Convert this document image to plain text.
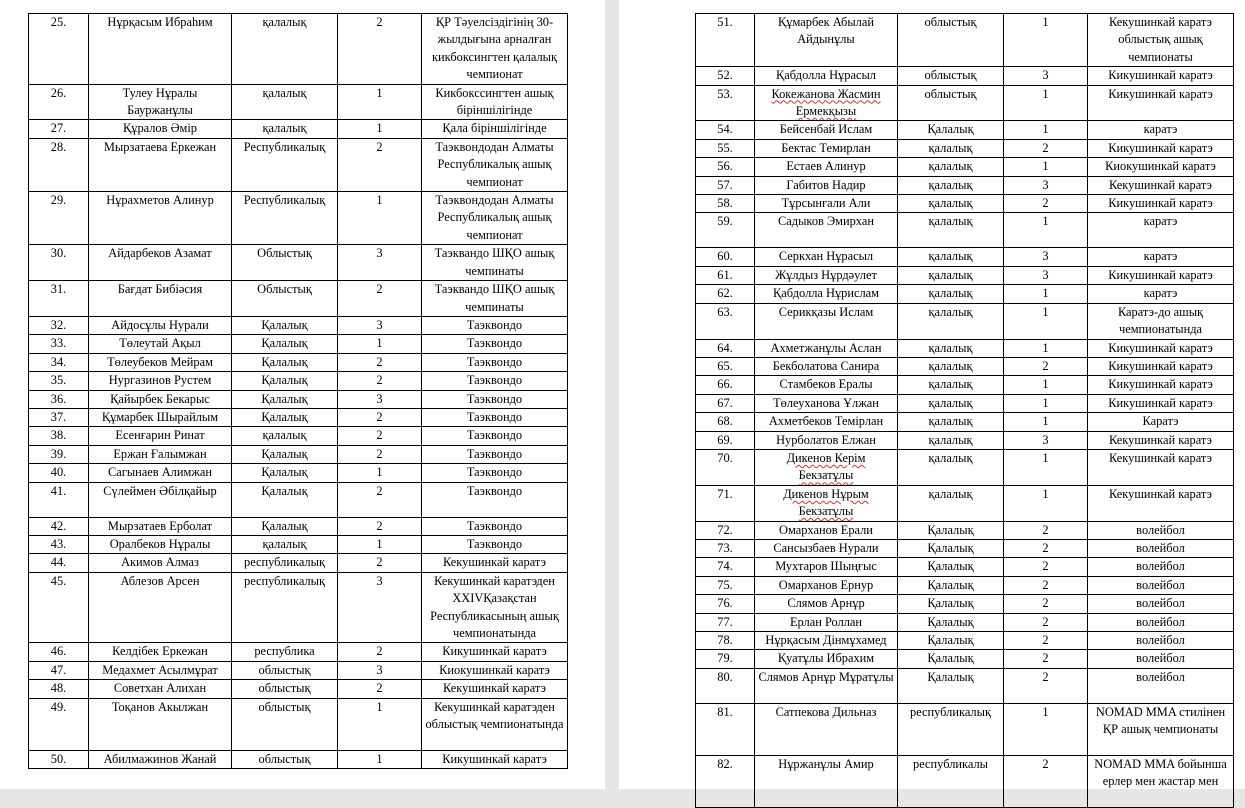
25.	Нұрқасым Ибраһим	қалалық	2	ҚР Тәуелсіздігінің 30-жылдығына арналған кикбоксингтен қалалық чемпионат
26.	Тулеу Нұралы Бауржанұлы	қалалық	1	Кикбокссингтен ашық біріншілігінде
27.	Құралов Әмір	қалалық	1	Қала біріншілігінде
28.	Мырзатаева Еркежан	Республикалық	2	Таэквондодан Алматы Республикалық ашық чемпионат
29.	Нұрахметов Алинур	Республикалық	1	Таэквондодан Алматы Республикалық ашық чемпионат
30.	Айдарбеков Азамат	Облыстық	3	Таэквандо ШҚО ашық чемпинаты
31.	Бағдат Бибіәсия	Облыстық	2	Таэквандо ШҚО ашық чемпинаты
32.	Айдосұлы Нурали	Қалалық	3	Таэквондо
33.	Төлеутай Ақыл	Қалалық	1	Таэквондо
34.	Төлеубеков Мейрам	Қалалық	2	Таэквондо
35.	Нургазинов Рустем	Қалалық	2	Таэквондо
36.	Қайырбек Бекарыс	Қалалық	3	Таэквондо
37.	Құмарбек Шырайлым	Қалалық	2	Таэквондо
38.	Есенғарин Ринат	қалалық	2	Таэквондо
39.	Ержан Ғалымжан	Қалалық	2	Таэквондо
40.	Сагынаев Алимжан	Қалалық	1	Таэквондо
41.	Сүлеймен Әбілқайыр	Қалалық	2	Таэквондо
42.	Мырзатаев Ерболат	Қалалық	2	Таэквондо
43.	Оралбеков Нұралы	қалалық	1	Таэквондо
44.	Акимов Алмаз	республикалық	2	Кекушинкай каратэ
45.	Аблезов Арсен	республикалық	3	Кекушинкай каратэден XXIVҚазақстан Республикасының ашық чемпионатында
46.	Келдібек Еркежан	республика	2	Кикушинкай каратэ
47.	Медахмет Асылмұрат	облыстық	3	Киокушинкай каратэ
48.	Советхан Алихан	облыстық	2	Кекушинкай каратэ
49.	Тоқанов Акылжан	облыстық	1	Кекушинкай каратэден облыстық чемпионатында
50.	Абилмажинов Жанай	облыстық	1	Кикушинкай каратэ
51.	Құмарбек Абылай Айдынұлы	облыстық	1	Кекушинкай каратэ облыстық ашық чемпионаты
52.	Қабдолла Нұрасыл	облыстық	3	Кикушинкай каратэ
53.	Кокежанова Жасмин Ермекқызы	облыстық	1	Кикушинкай каратэ
54.	Бейсенбай Ислам	Қалалық	1	каратэ
55.	Бектас Темирлан	қалалық	2	Кикушинкай каратэ
56.	Естаев Алинур	қалалық	1	Киокушинкай каратэ
57.	Габитов Надир	қалалық	3	Кекушинкай каратэ
58.	Тұрсынғали Али	қалалық	2	Кикушинкай каратэ
59.	Садыков Эмирхан	қалалық	1	каратэ
60.	Серкхан Нұрасыл	қалалық	3	каратэ
61.	Жұлдыз Нұрдәулет	қалалық	3	Кикушинкай каратэ
62.	Қабдолла Нұрислам	қалалық	1	каратэ
63.	Серикқазы Ислам	қалалық	1	Каратэ-до ашық чемпионатында
64.	Ахметжанұлы Аслан	қалалық	1	Кикушинкай каратэ
65.	Бекболатова Санира	қалалық	2	Кикушинкай каратэ
66.	Стамбеков Ералы	қалалық	1	Кикушинкай каратэ
67.	Төлеуханова Ұлжан	қалалық	1	Кикушинкай каратэ
68.	Ахметбеков Темірлан	қалалық	1	Каратэ
69.	Нурболатов Елжан	қалалық	3	Кекушинкай каратэ
70.	Дикенов Керім Бекзатұлы	қалалық	1	Кекушинкай каратэ
71.	Дикенов Нұрым Бекзатұлы	қалалық	1	Кекушинкай каратэ
72.	Омарханов Ерали	Қалалық	2	волейбол
73.	Сансызбаев Нурали	Қалалық	2	волейбол
74.	Мухтаров Шыңғыс	Қалалық	2	волейбол
75.	Омарханов Ернур	Қалалық	2	волейбол
76.	Слямов Арнұр	Қалалық	2	волейбол
77.	Ерлан Роллан	Қалалық	2	волейбол
78.	Нұрқасым Дінмұхамед	Қалалық	2	волейбол
79.	Қуатұлы Ибрахим	Қалалық	2	волейбол
80.	Слямов Арнұр Мұратұлы	Қалалық	2	волейбол
81.	Сатпекова Дильназ	республикалық	1	NOMAD MMA стилінен ҚР ашық чемпионаты
82.	Нұржанұлы Амир	республикалы	2	NOMAD MMA бойынша ерлер мен жастар мен
